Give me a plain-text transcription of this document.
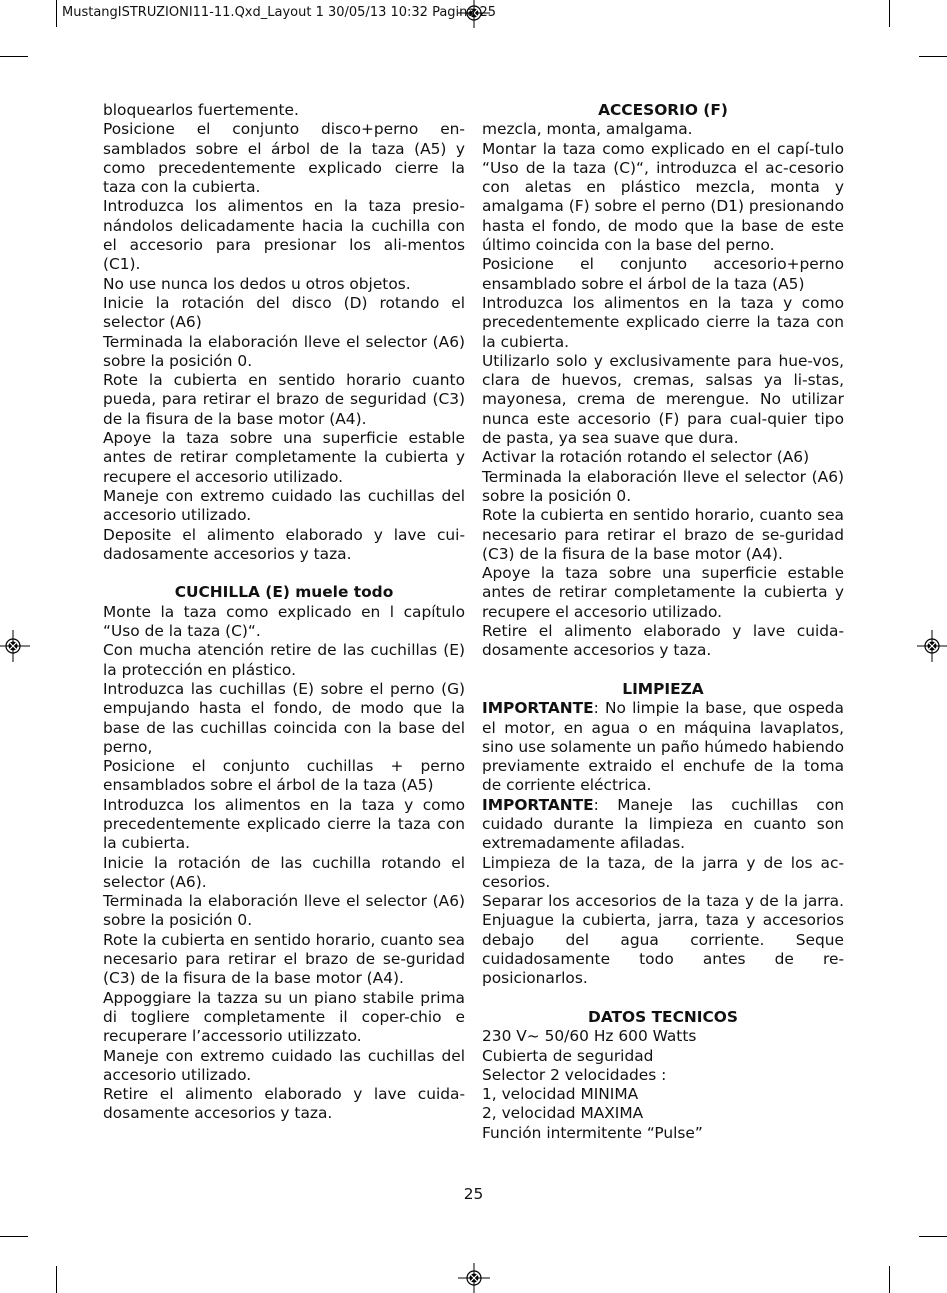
MustangISTRUZIONI11-11.Qxd_Layout 1 30/05/13 10:32 Pagina 25

bloquearlos fuertemente.

Posicione el conjunto disco+perno en-samblados sobre el árbol de la taza (A5) y como precedentemente explicado cierre la taza con la cubierta.

Introduzca los alimentos en la taza presio-nándolos delicadamente hacia la cuchilla con el accesorio para presionar los ali-mentos (C1).

No use nunca los dedos u otros objetos.

Inicie la rotación del disco (D) rotando el selector (A6)

Terminada la elaboración lleve el selector (A6) sobre la posición 0.

Rote la cubierta en sentido horario cuanto pueda, para retirar el brazo de seguridad (C3) de la fisura de la base motor (A4).

Apoye la taza sobre una superficie estable antes de retirar completamente la cubierta y recupere el accesorio utilizado.

Maneje con extremo cuidado las cuchillas del accesorio utilizado.

Deposite el alimento elaborado y lave cui-dadosamente accesorios y taza.

CUCHILLA (E) muele todo

Monte la taza como explicado en l capítulo “Uso de la taza (C)“.

Con mucha atención retire de las cuchillas (E) la protección en plástico.

Introduzca las cuchillas (E) sobre el perno (G) empujando hasta el fondo, de modo que la base de las cuchillas coincida con la base del perno,

Posicione el conjunto cuchillas + perno ensamblados sobre el árbol de la taza (A5)

Introduzca los alimentos en la taza y como precedentemente explicado cierre la taza con la cubierta.

Inicie la rotación de las cuchilla rotando el selector (A6).

Terminada la elaboración lleve el selector (A6) sobre la posición 0.

Rote la cubierta en sentido horario, cuanto sea necesario para retirar el brazo de se-guridad (C3) de la fisura de la base motor (A4).

Appoggiare la tazza su un piano stabile prima di togliere completamente il coper-chio e recuperare l’accessorio utilizzato.

Maneje con extremo cuidado las cuchillas del accesorio utilizado.

Retire el alimento elaborado y lave cuida-dosamente accesorios y taza.

ACCESORIO (F)

mezcla, monta, amalgama.

Montar la taza como explicado en el capí-tulo “Uso de la taza (C)“, introduzca el ac-cesorio con aletas en plástico mezcla, monta y amalgama (F) sobre el perno (D1) presionando hasta el fondo, de modo que la base de este último coincida con la base del perno.

Posicione el conjunto accesorio+perno ensamblado sobre el árbol de la taza (A5)

Introduzca los alimentos en la taza y como precedentemente explicado cierre la taza con la cubierta.

Utilizarlo solo y exclusivamente para hue-vos, clara de huevos, cremas, salsas ya li-stas, mayonesa, crema de merengue. No utilizar nunca este accesorio (F) para cual-quier tipo de pasta, ya sea suave que dura.

Activar la rotación rotando el selector (A6)

Terminada la elaboración lleve el selector (A6) sobre la posición 0.

Rote la cubierta en sentido horario, cuanto sea necesario para retirar el brazo de se-guridad (C3) de la fisura de la base motor (A4).

Apoye la taza sobre una superficie estable antes de retirar completamente la cubierta y recupere el accesorio utilizado.

Retire el alimento elaborado y lave cuida-dosamente accesorios y taza.

LIMPIEZA

IMPORTANTE: No limpie la base, que ospeda el motor, en agua o en máquina lavaplatos, sino use solamente un paño húmedo habiendo previamente extraido el enchufe de la toma de corriente eléctrica.

IMPORTANTE: Maneje las cuchillas con cuidado durante la limpieza en cuanto son extremadamente afiladas.

Limpieza de la taza, de la jarra y de los ac-cesorios.

Separar los accesorios de la taza y de la jarra. Enjuague la cubierta, jarra, taza y accesorios debajo del agua corriente. Seque cuidadosamente todo antes de re-posicionarlos.

DATOS TECNICOS

230 V~ 50/60 Hz 600 Watts

Cubierta de seguridad

Selector 2 velocidades :

1, velocidad MINIMA

2, velocidad MAXIMA

Función intermitente “Pulse”

25
